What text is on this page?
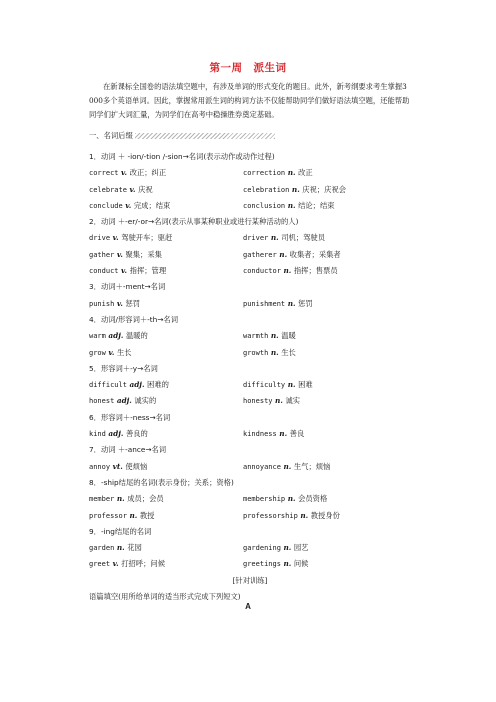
第一周　派生词

在新课标全国卷的语法填空题中，有涉及单词的形式变化的题目。此外，新考纲要求考生掌握3 000多个英语单词。因此，掌握常用派生词的构词方法不仅能帮助同学们做好语法填空题，还能帮助同学们扩大词汇量，为同学们在高考中稳操胜券奠定基础。

一、名词后缀
1．动词 ＋ -ion/-tion /-sion→名词(表示动作或动作过程)
correct v. 改正；纠正	correction n. 改正
celebrate v. 庆祝	celebration n. 庆祝；庆祝会
conclude v. 完成；结束	conclusion n. 结论；结束
2．动词 ＋-er/-or→名词(表示从事某种职业或进行某种活动的人)
drive v. 驾驶开车；驱赶	driver n. 司机；驾驶员
gather v. 聚集；采集	gatherer n. 收集者；采集者
conduct v. 指挥；管理	conductor n. 指挥；售票员
3．动词＋-ment→名词
punish v. 惩罚	punishment n. 惩罚
4．动词/形容词＋-th→名词
warm adj. 温暖的	warmth n. 温暖
grow v. 生长	growth n. 生长
5．形容词＋-y→名词
difficult adj. 困难的	difficulty n. 困难
honest adj. 诚实的	honesty n. 诚实
6．形容词＋-ness→名词
kind adj. 善良的	kindness n. 善良
7．动词 ＋-ance→名词
annoy vt. 使烦恼	annoyance n. 生气；烦恼
8．-ship结尾的名词(表示身份；关系；资格)
member n. 成员；会员	membership n. 会员资格
professor n. 教授	professorship n. 教授身份
9．-ing结尾的名词
garden n. 花园	gardening n. 园艺
greet v. 打招呼；问候	greetings n. 问候
[针对训练]
语篇填空(用所给单词的适当形式完成下列短文)
A
